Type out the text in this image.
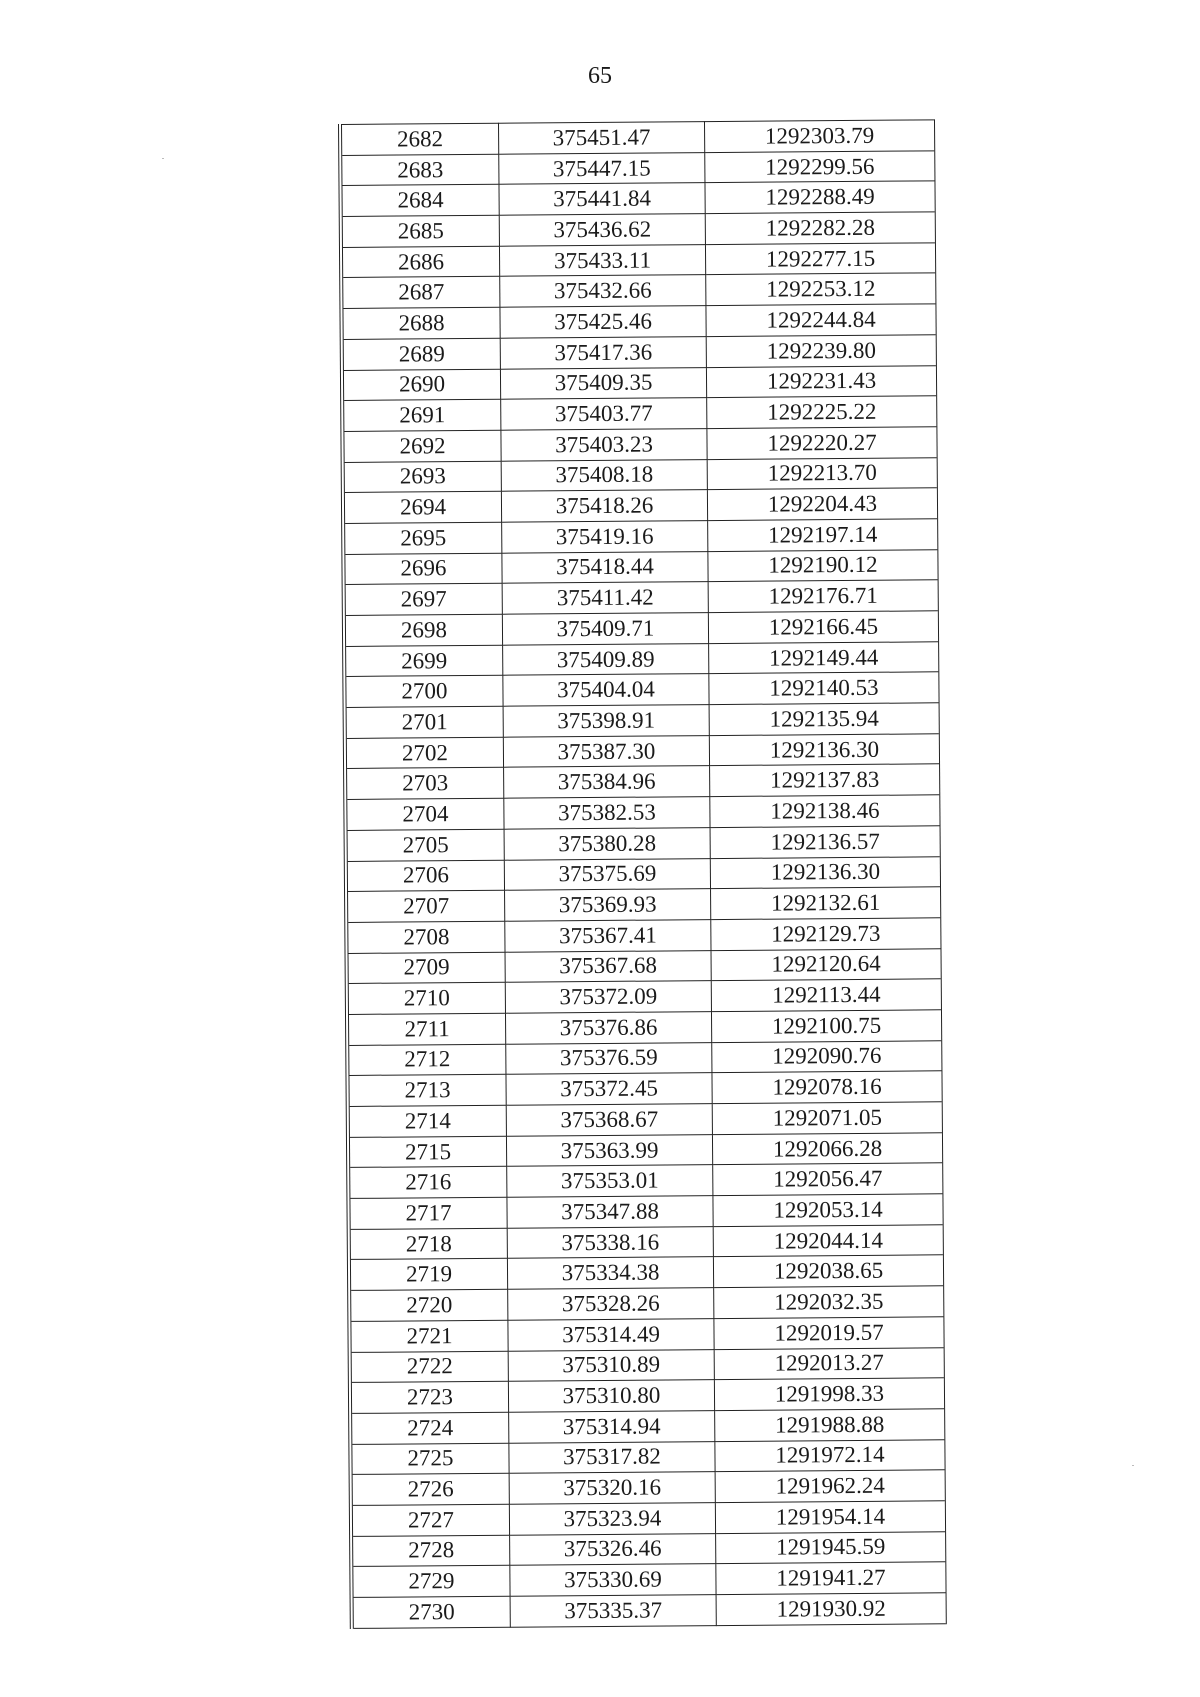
65
2682	375451.47	1292303.79
2683	375447.15	1292299.56
2684	375441.84	1292288.49
2685	375436.62	1292282.28
2686	375433.11	1292277.15
2687	375432.66	1292253.12
2688	375425.46	1292244.84
2689	375417.36	1292239.80
2690	375409.35	1292231.43
2691	375403.77	1292225.22
2692	375403.23	1292220.27
2693	375408.18	1292213.70
2694	375418.26	1292204.43
2695	375419.16	1292197.14
2696	375418.44	1292190.12
2697	375411.42	1292176.71
2698	375409.71	1292166.45
2699	375409.89	1292149.44
2700	375404.04	1292140.53
2701	375398.91	1292135.94
2702	375387.30	1292136.30
2703	375384.96	1292137.83
2704	375382.53	1292138.46
2705	375380.28	1292136.57
2706	375375.69	1292136.30
2707	375369.93	1292132.61
2708	375367.41	1292129.73
2709	375367.68	1292120.64
2710	375372.09	1292113.44
2711	375376.86	1292100.75
2712	375376.59	1292090.76
2713	375372.45	1292078.16
2714	375368.67	1292071.05
2715	375363.99	1292066.28
2716	375353.01	1292056.47
2717	375347.88	1292053.14
2718	375338.16	1292044.14
2719	375334.38	1292038.65
2720	375328.26	1292032.35
2721	375314.49	1292019.57
2722	375310.89	1292013.27
2723	375310.80	1291998.33
2724	375314.94	1291988.88
2725	375317.82	1291972.14
2726	375320.16	1291962.24
2727	375323.94	1291954.14
2728	375326.46	1291945.59
2729	375330.69	1291941.27
2730	375335.37	1291930.92
